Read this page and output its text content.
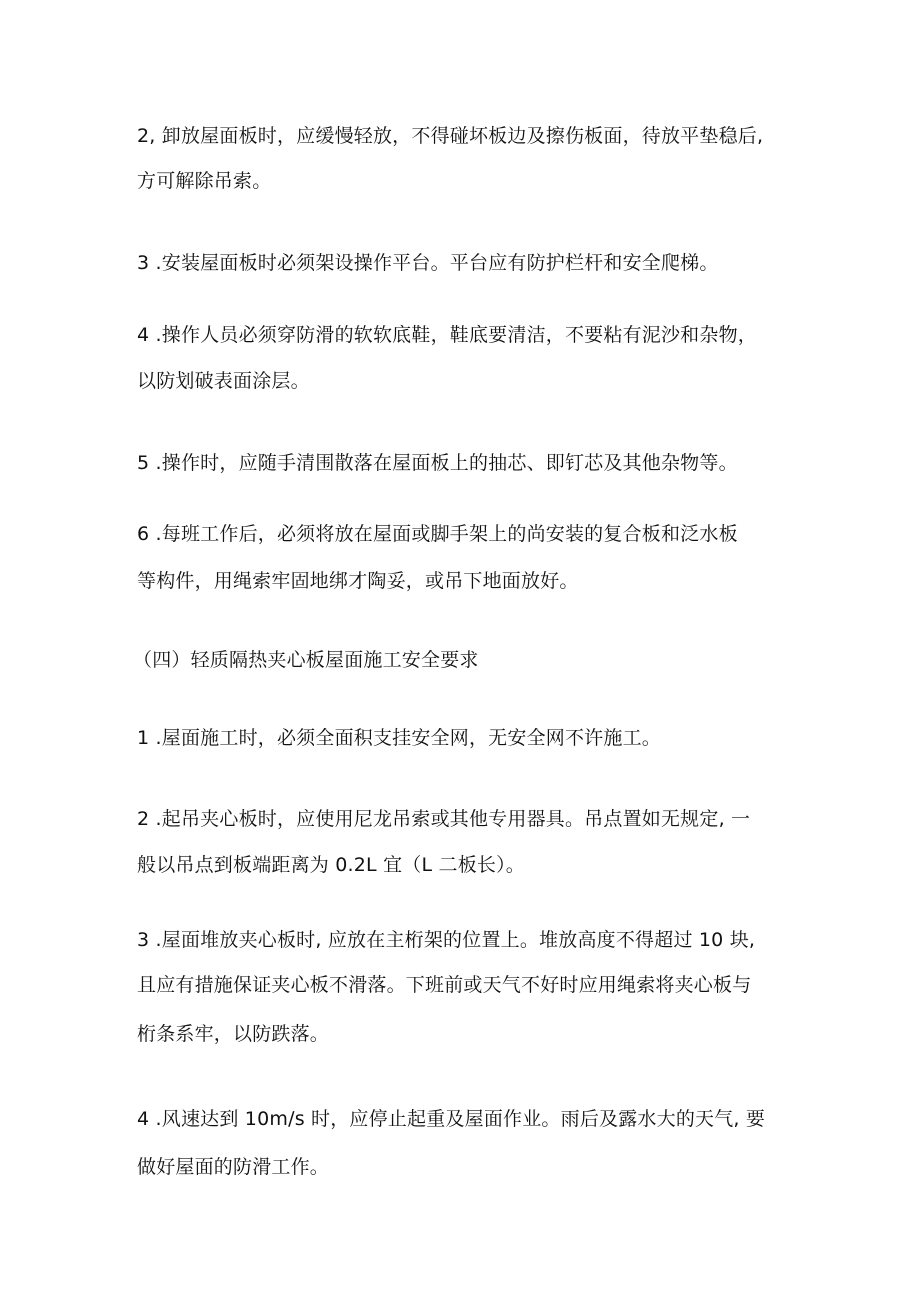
2, 卸放屋面板时，应缓慢轻放，不得碰坏板边及擦伤板面，待放平垫稳后,
方可解除吊索。
3 .安装屋面板时必须架设操作平台。平台应有防护栏杆和安全爬梯。
4 .操作人员必须穿防滑的软软底鞋，鞋底要清洁，不要粘有泥沙和杂物，
以防划破表面涂层。
5 .操作时，应随手清围散落在屋面板上的抽芯、即钉芯及其他杂物等。
6 .每班工作后，必须将放在屋面或脚手架上的尚安装的复合板和泛水板
等构件，用绳索牢固地绑才陶妥，或吊下地面放好。
（四）轻质隔热夹心板屋面施工安全要求
1 .屋面施工时，必须全面积支挂安全网，无安全网不许施工。
2 .起吊夹心板时，应使用尼龙吊索或其他专用器具。吊点置如无规定, 一
般以吊点到板端距离为 0.2L 宜（L 二板长）。
3 .屋面堆放夹心板时, 应放在主桁架的位置上。堆放高度不得超过 10 块,
且应有措施保证夹心板不滑落。下班前或天气不好时应用绳索将夹心板与
桁条系牢，以防跌落。
4 .风速达到 10m∕s 时，应停止起重及屋面作业。雨后及露水大的天气, 要
做好屋面的防滑工作。
